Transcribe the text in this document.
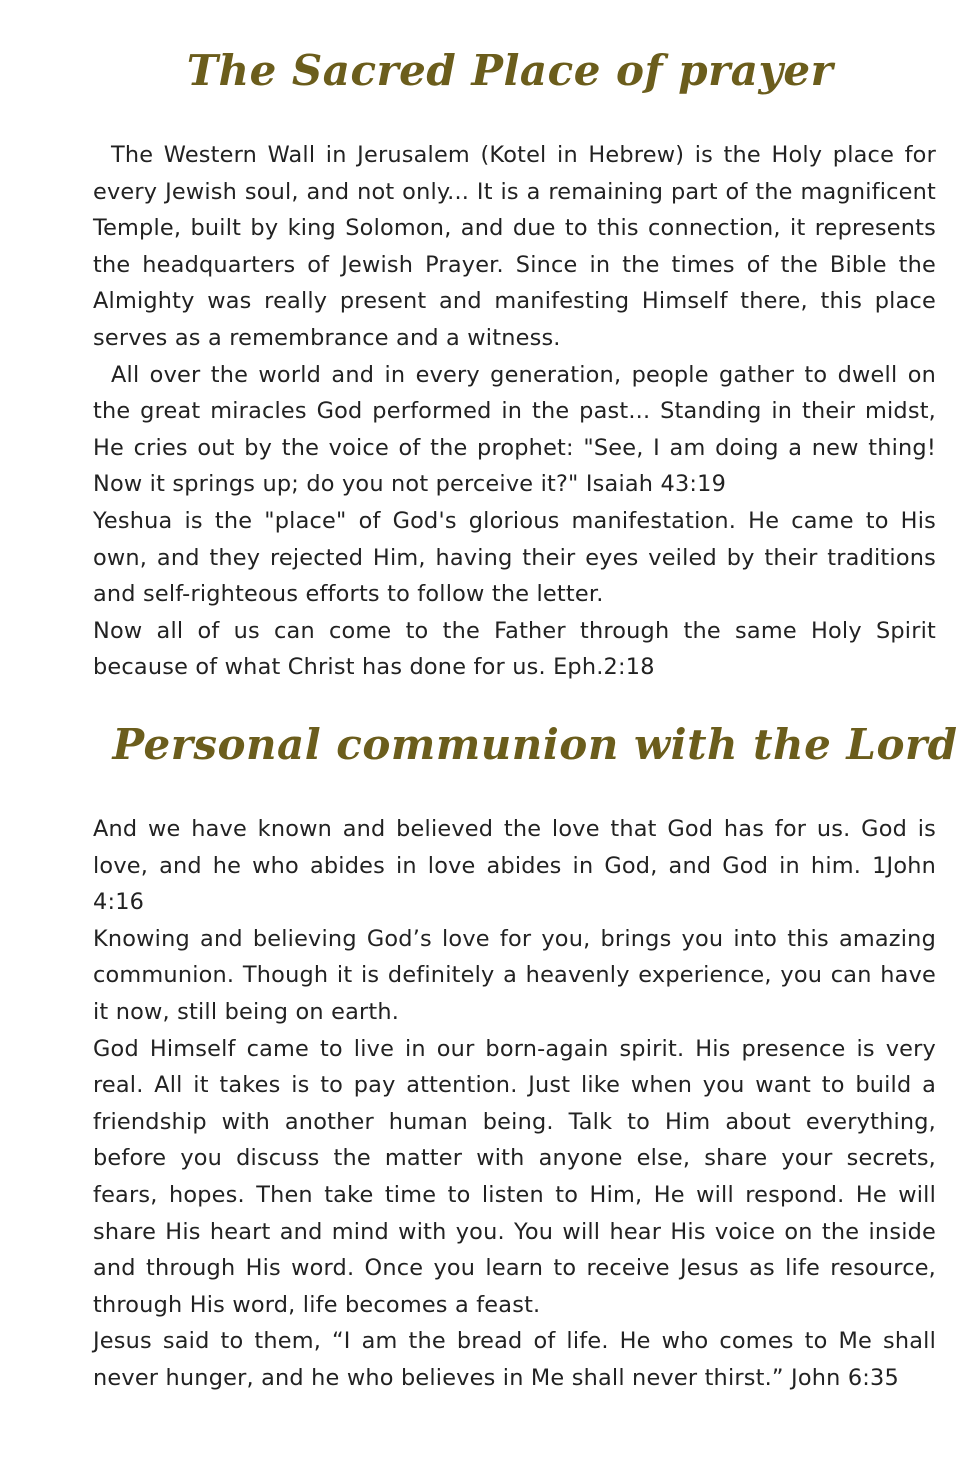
The Sacred Place of prayer

The Western Wall in Jerusalem (Kotel in Hebrew) is the Holy place for every Jewish soul, and not only... It is a remaining part of the magnificent Temple, built by king Solomon, and due to this connection, it represents the headquarters of Jewish Prayer. Since in the times of the Bible the Almighty was really present and manifesting Himself there, this place serves as a remembrance and a witness.

All over the world and in every generation, people gather to dwell on the great miracles God performed in the past... Standing in their midst, He cries out by the voice of the prophet: "See, I am doing a new thing! Now it springs up; do you not perceive it?" Isaiah 43:19

Yeshua is the "place" of God's glorious manifestation. He came to His own, and they rejected Him, having their eyes veiled by their traditions and self-righteous efforts to follow the letter.

Now all of us can come to the Father through the same Holy Spirit because of what Christ has done for us. Eph.2:18

Personal communion with the Lord

And we have known and believed the love that God has for us. God is love, and he who abides in love abides in God, and God in him. 1John 4:16

Knowing and believing God’s love for you, brings you into this amazing communion. Though it is definitely a heavenly experience, you can have it now, still being on earth.

God Himself came to live in our born-again spirit. His presence is very real. All it takes is to pay attention. Just like when you want to build a friendship with another human being. Talk to Him about everything, before you discuss the matter with anyone else, share your secrets, fears, hopes. Then take time to listen to Him, He will respond. He will share His heart and mind with you. You will hear His voice on the inside and through His word. Once you learn to receive Jesus as life resource, through His word, life becomes a feast.

Jesus said to them, “I am the bread of life. He who comes to Me shall never hunger, and he who believes in Me shall never thirst.” John 6:35
